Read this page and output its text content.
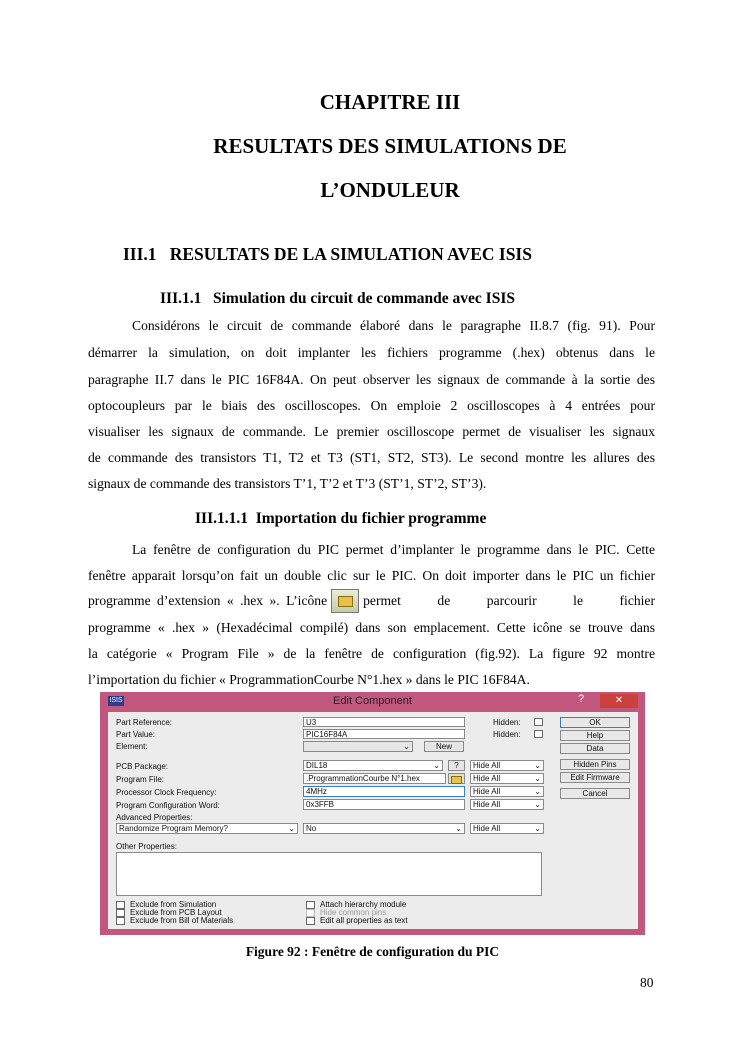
CHAPITRE III
RESULTATS DES SIMULATIONS DE
L’ONDULEUR
III.1 RESULTATS DE LA SIMULATION AVEC ISIS
III.1.1 Simulation du circuit de commande avec ISIS
Considérons le circuit de commande élaboré dans le paragraphe II.8.7 (fig. 91). Pour
démarrer la simulation, on doit implanter les fichiers programme (.hex) obtenus dans le
paragraphe II.7 dans le PIC 16F84A. On peut observer les signaux de commande à la sortie des
optocoupleurs par le biais des oscilloscopes. On emploie 2 oscilloscopes à 4 entrées pour
visualiser les signaux de commande. Le premier oscilloscope permet de visualiser les signaux
de commande des transistors T1, T2 et T3 (ST1, ST2, ST3). Le second montre les allures des
signaux de commande des transistors T’1, T’2 et T’3 (ST’1, ST’2, ST’3).
III.1.1.1 Importation du fichier programme
La fenêtre de configuration du PIC permet d’implanter le programme dans le PIC. Cette
fenêtre apparait lorsqu’on fait un double clic sur le PIC. On doit importer dans le PIC un fichier
programme d’extension « .hex ». L’icône	permet de parcourir le fichier
programme « .hex » (Hexadécimal compilé) dans son emplacement. Cette icône se trouve dans
la catégorie « Program File » de la fenêtre de configuration (fig.92). La figure 92 montre
l’importation du fichier « ProgrammationCourbe N°1.hex » dans le PIC 16F84A.
ISIS	Edit Component	?	✕
Part Reference:	U3	Hidden:
Part Value:	PIC16F84A	Hidden:
Element:	⌄	New
PCB Package:	DIL18	⌄	?	Hide All	⌄
Program File:	.ProgrammationCourbe N°1.hex	Hide All	⌄
Processor Clock Frequency:	4MHz	Hide All	⌄
Program Configuration Word:	0x3FFB	Hide All	⌄
Advanced Properties:
Randomize Program Memory?	⌄	No	⌄	Hide All	⌄
Other Properties:
Exclude from Simulation
Exclude from PCB Layout
Exclude from Bill of Materials
Attach hierarchy module
Hide common pins
Edit all properties as text
OK
Help
Data
Hidden Pins
Edit Firmware
Cancel
Figure 92 : Fenêtre de configuration du PIC
80
